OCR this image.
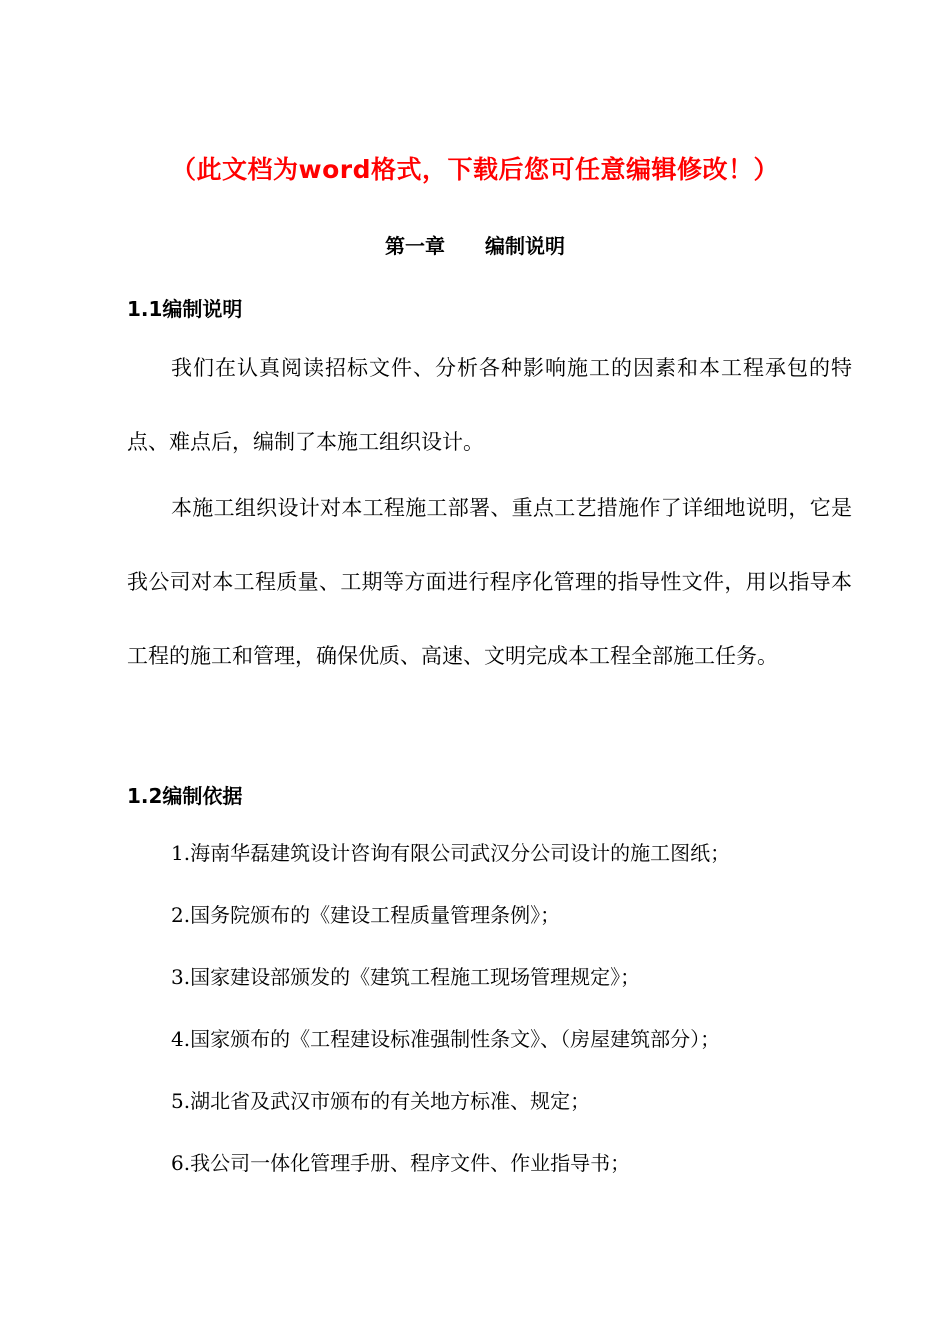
（此文档为word格式，下载后您可任意编辑修改！）
第一章　　编制说明
1.1编制说明

我们在认真阅读招标文件、分析各种影响施工的因素和本工程承包的特点、难点后，编制了本施工组织设计。

本施工组织设计对本工程施工部署、重点工艺措施作了详细地说明，它是我公司对本工程质量、工期等方面进行程序化管理的指导性文件，用以指导本工程的施工和管理，确保优质、高速、文明完成本工程全部施工任务。

1.2编制依据
1.海南华磊建筑设计咨询有限公司武汉分公司设计的施工图纸；
2.国务院颁布的《建设工程质量管理条例》；
3.国家建设部颁发的《建筑工程施工现场管理规定》；
4.国家颁布的《工程建设标准强制性条文》、（房屋建筑部分）；
5.湖北省及武汉市颁布的有关地方标准、规定；
6.我公司一体化管理手册、程序文件、作业指导书；
